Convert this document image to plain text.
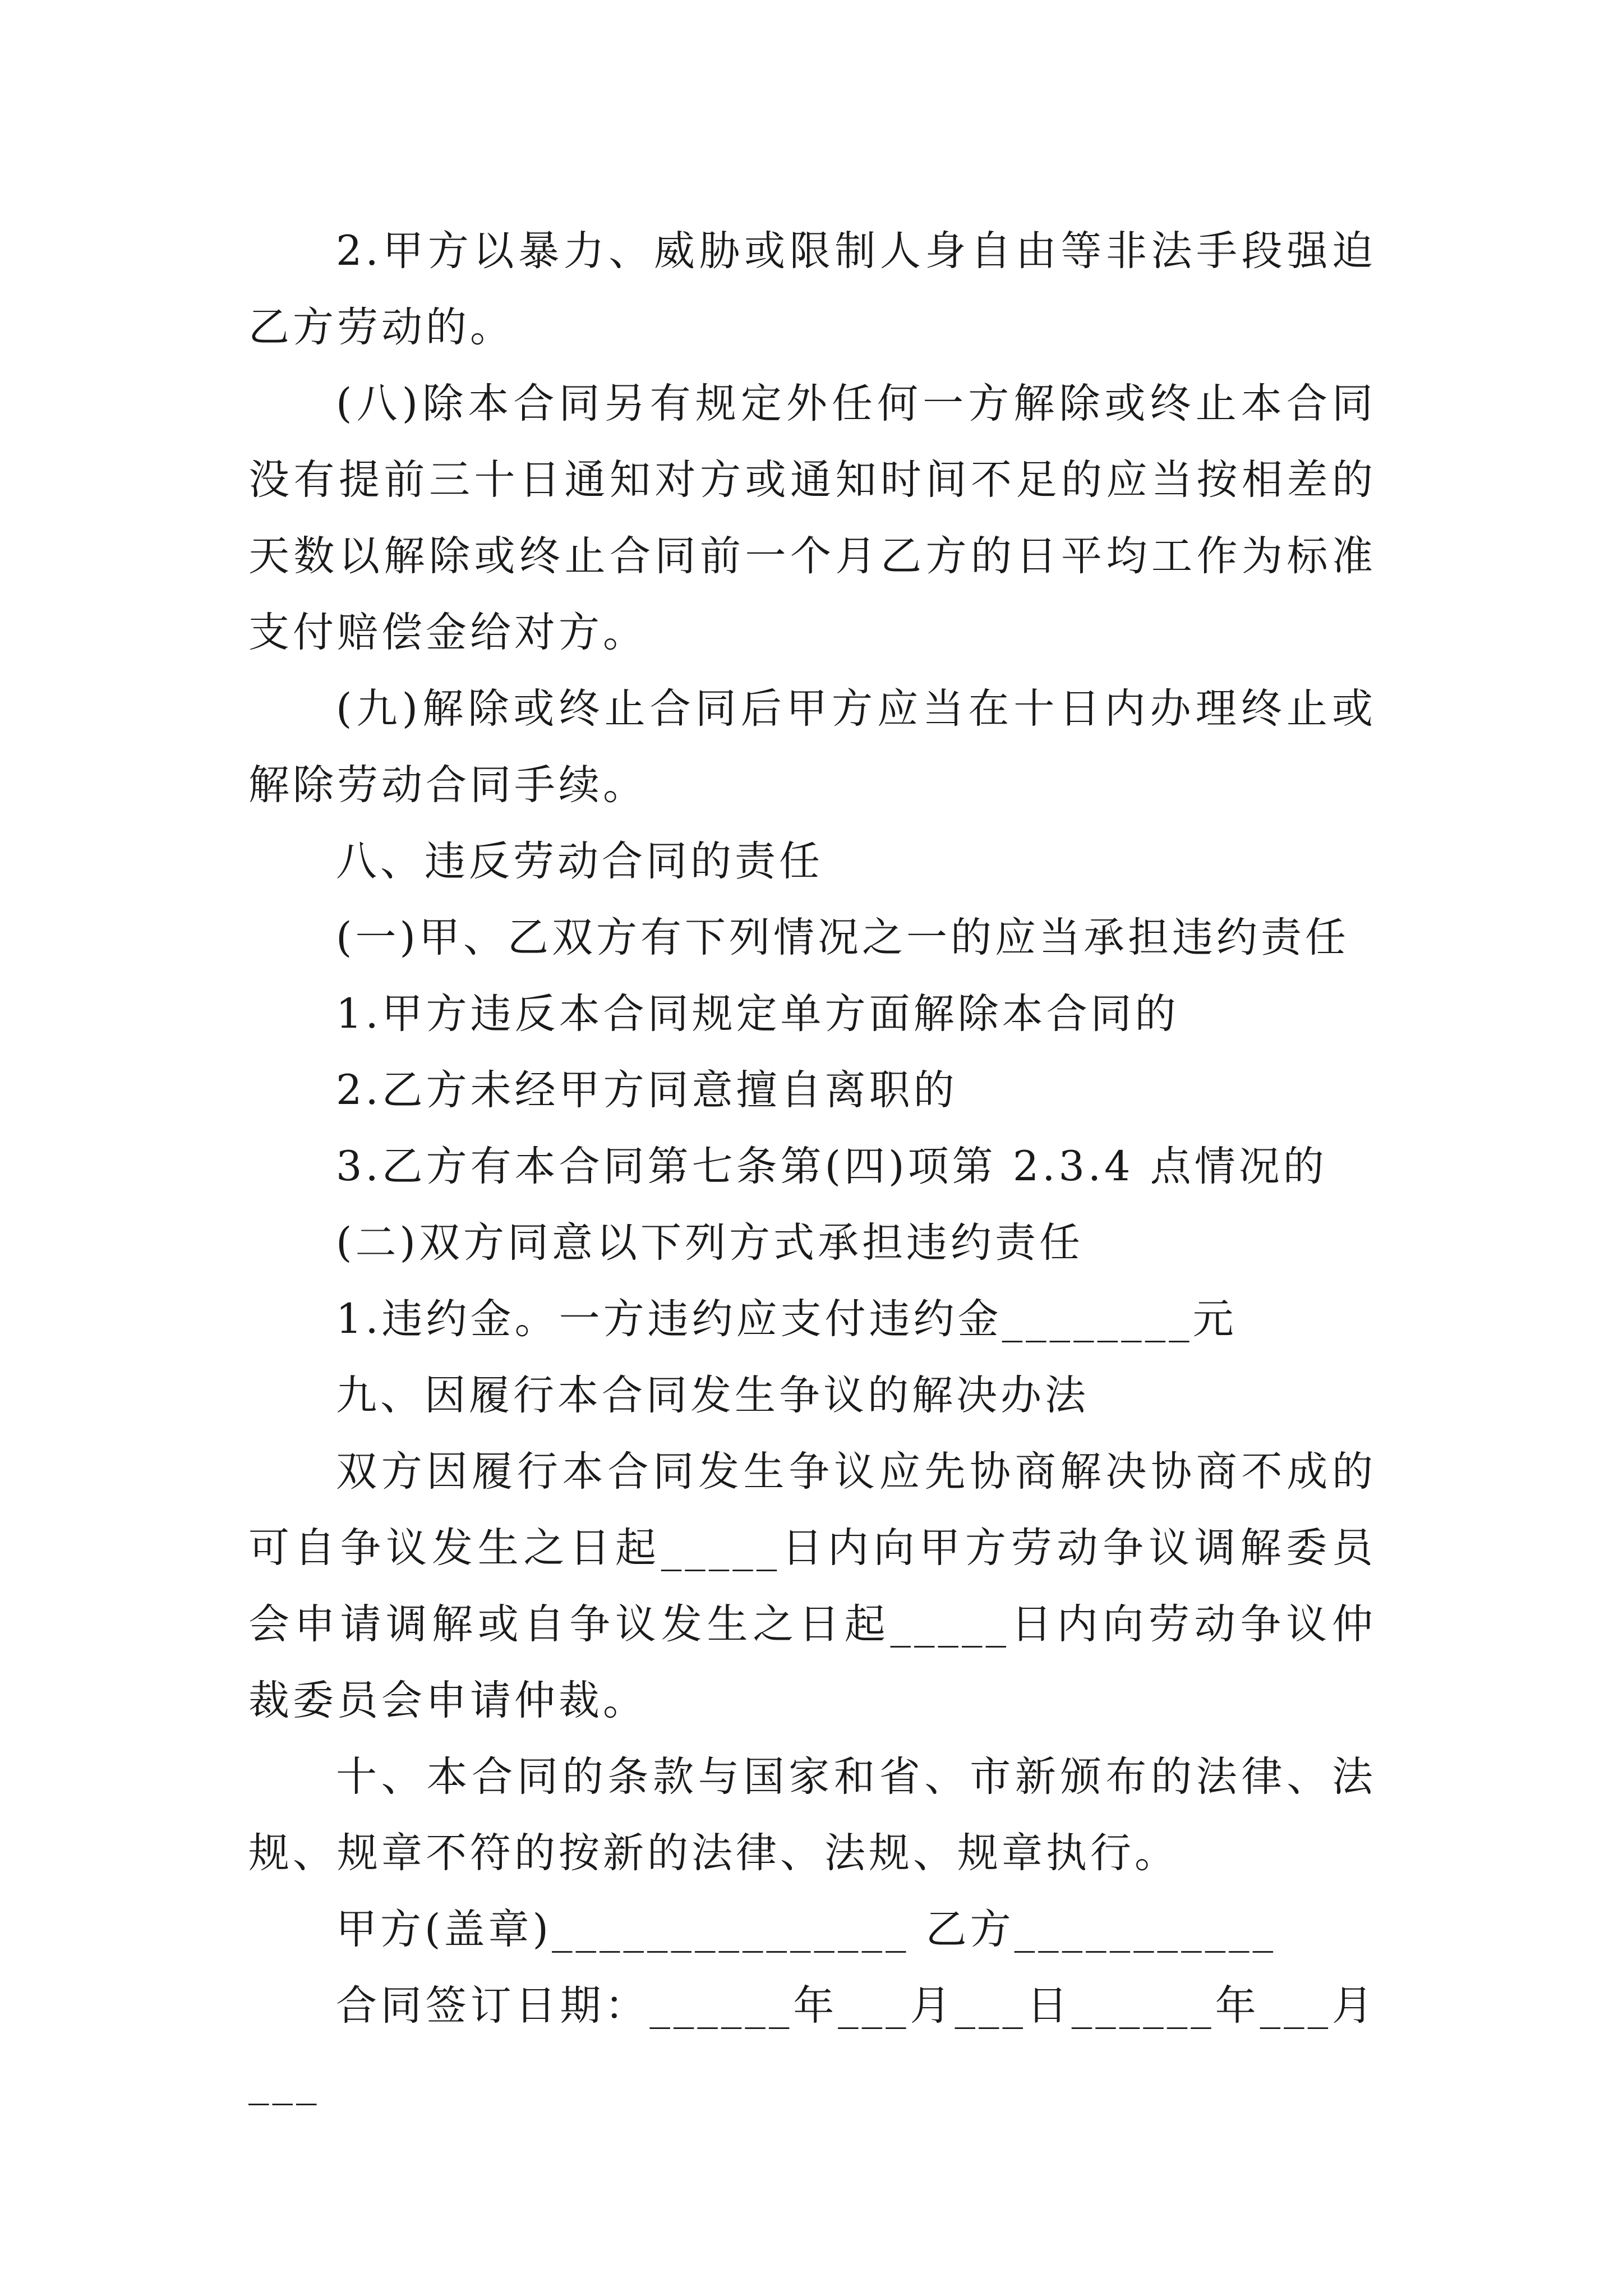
2.甲方以暴力、威胁或限制人身自由等非法手段强迫乙方劳动的。

(八)除本合同另有规定外任何一方解除或终止本合同没有提前三十日通知对方或通知时间不足的应当按相差的天数以解除或终止合同前一个月乙方的日平均工作为标准支付赔偿金给对方。

(九)解除或终止合同后甲方应当在十日内办理终止或解除劳动合同手续。

八、违反劳动合同的责任

(一)甲、乙双方有下列情况之一的应当承担违约责任

1.甲方违反本合同规定单方面解除本合同的

2.乙方未经甲方同意擅自离职的

3.乙方有本合同第七条第(四)项第 2.3.4 点情况的

(二)双方同意以下列方式承担违约责任

1.违约金。一方违约应支付违约金________元

九、因履行本合同发生争议的解决办法

双方因履行本合同发生争议应先协商解决协商不成的可自争议发生之日起_____日内向甲方劳动争议调解委员会申请调解或自争议发生之日起_____日内向劳动争议仲裁委员会申请仲裁。

十、本合同的条款与国家和省、市新颁布的法律、法规、规章不符的按新的法律、法规、规章执行。

甲方(盖章)_______________ 乙方___________

合同签订日期：______年___月___日______年___月___
